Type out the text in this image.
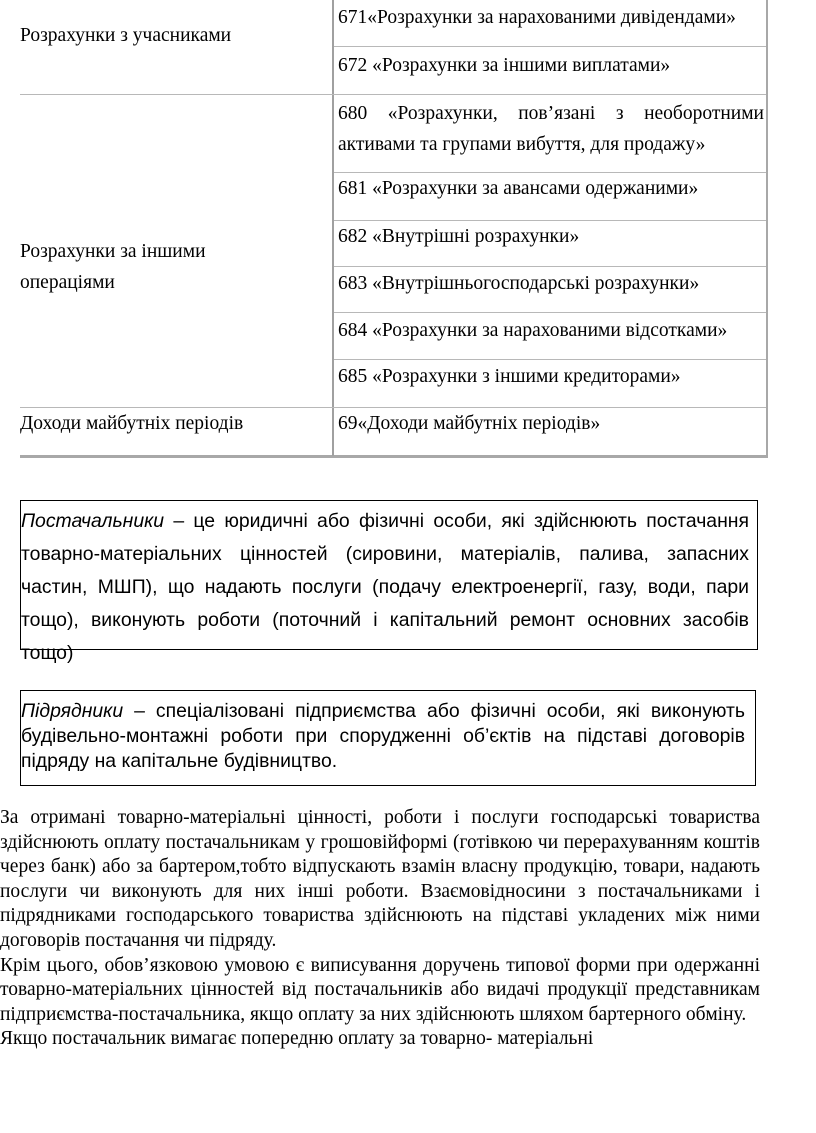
Розрахунки з учасниками
671«Розрахунки за нарахованими дивідендами»
672 «Розрахунки за іншими виплатами»
Розрахунки за іншими операціями
680 «Розрахунки, пов’язані з необоротними активами та групами вибуття, для продажу»
681 «Розрахунки за авансами одержаними»
682 «Внутрішні розрахунки»
683 «Внутрішньогосподарські розрахунки»
684 «Розрахунки за нарахованими відсотками»
685 «Розрахунки з іншими кредиторами»
Доходи майбутніх періодів	69«Доходи майбутніх періодів»
Постачальники – це юридичні або фізичні особи, які здійснюють постачання товарно-матеріальних цінностей (сировини, матеріалів, палива, запасних частин, МШП), що надають послуги (подачу електроенергії, газу, води, пари тощо), виконують роботи (поточний і капітальний ремонт основних засобів тощо)
Підрядники – спеціалізовані підприємства або фізичні особи, які виконують будівельно-монтажні роботи при спорудженні об’єктів на підставі договорів підряду на капітальне будівництво.

За отримані товарно-матеріальні цінності, роботи і послуги господарські товариства здійснюють оплату постачальникам у грошовійформі (готівкою чи перерахуванням коштів через банк) або за бартером,тобто відпускають взамін власну продукцію, товари, надають послуги чи виконують для них інші роботи. Взаємовідносини з постачальниками і підрядниками господарського товариства здійснюють на підставі укладених між ними договорів постачання чи підряду.

Крім цього, обов’язковою умовою є виписування доручень типової форми при одержанні товарно-матеріальних цінностей від постачальників або видачі продукції представникам підприємства-постачальника, якщо оплату за них здійснюють шляхом бартерного обміну.

Якщо постачальник вимагає попередню оплату за товарно- матеріальні
